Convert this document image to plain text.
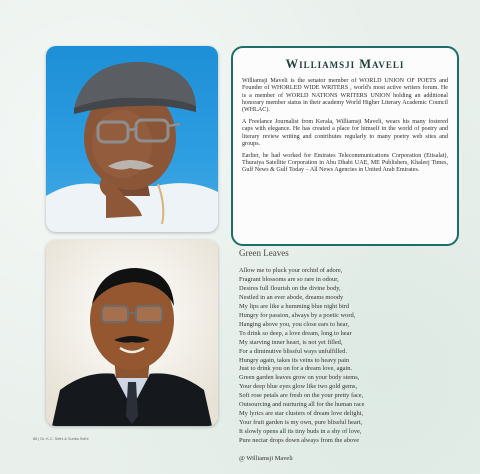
Williamsji Maveli

Williamsji Maveli is the senator member of WORLD UNION OF POETS and Founder of WHORLED WIDE WRITERS , world's most active writers forum. He is a member of WORLD NATIONS WRITERS UNION holding an additional honorary member status in their academy World Higher Literary Academic Council (WHLAC).

A Freelance Journalist from Kerala, Williamsji Maveli, wears his many fostered caps with elegance. He has created a place for himself in the world of poetry and literary review writing and contributes regularly to many poetry web sites and groups.

Earlier, he had worked for Emirates Telecommunications Corporation (Etisalat), Thuraiya Satellite Corporation in Abu Dhabi UAE, ME Publishers, Khaleej Times, Gulf News & Gulf Today – All News Agencies in United Arab Emirates.

Green Leaves
Allow me to pluck your orchid of adore,
Fragrant blossoms are so rare in odour,
Desires full flourish on the divine body,
Nestled in an ever abode, dreams moody
My lips are like a humming blue night bird
Hungry for passion, always by a poetic word,
Hanging above you, you close ears to hear,
To drink so deep, a love dream, long to hear
My starving inner heart, is not yet filled,
For a diminutive blissful ways unfulfilled.
Hungry again, takes its veins to heavy pain
Just to drink you on for a dream love, again.
Green garden leaves grow on your body stems,
Your deep blue eyes glow like two gold gems,
Soft rose petals are fresh on the your pretty face,
Outsourcing and nurturing all for the human race
My lyrics are star clusters of dream love delight,
Your fruit garden is my own, pure blissful heart,
It slowly opens all its tiny buds in a shy of love,
Pure nectar drops down always from the above
@ Williamsji Maveli
86 | Dr. K.C. Sethi & Sunita Sethi
